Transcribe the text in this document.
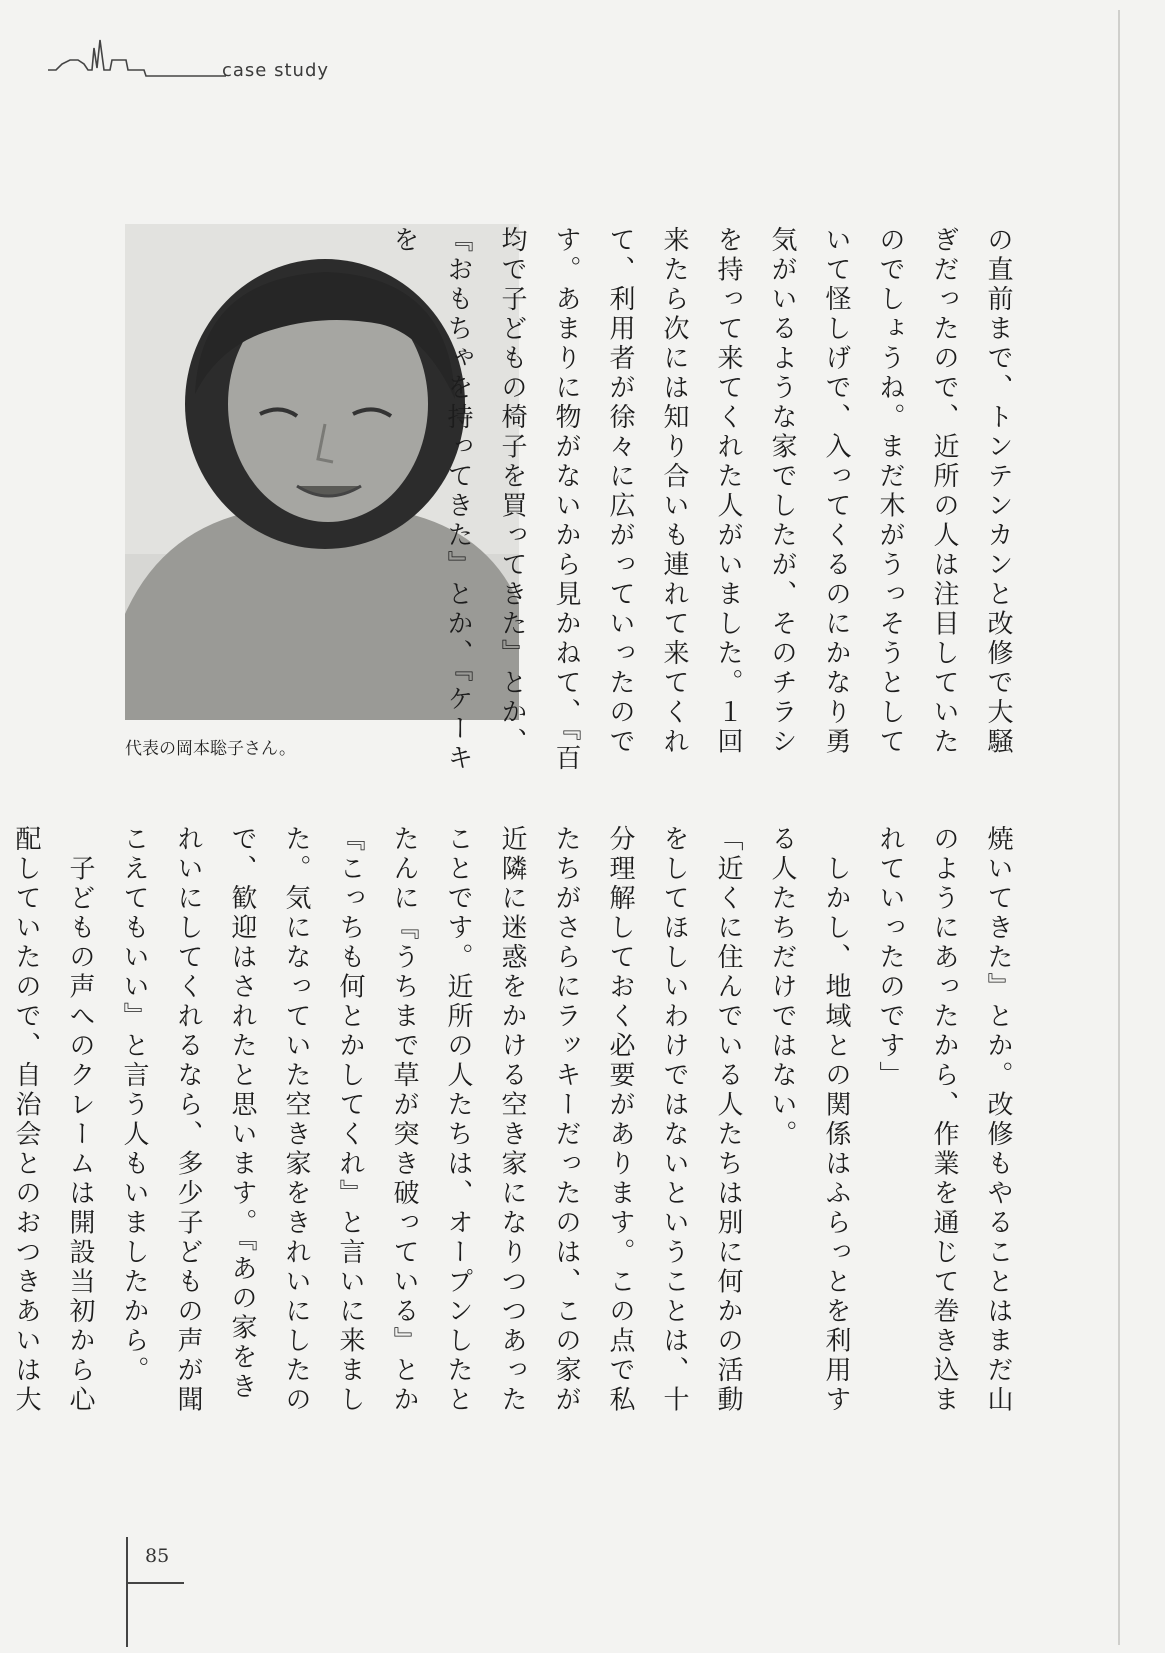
case study
代表の岡本聡子さん。	の直前まで、トンテンカンと改修で大騒ぎだったので、近所の人は注目していたのでしょうね。まだ木がうっそうとしていて怪しげで、入ってくるのにかなり勇気がいるような家でしたが、そのチラシを持って来てくれた人がいました。１回来たら次には知り合いも連れて来てくれて、利用者が徐々に広がっていったのです。あまりに物がないから見かねて、『百均で子どもの椅子を買ってきた』とか、『おもちゃを持ってきた』とか、『ケーキを
焼いてきた』とか。改修もやることはまだ山のようにあったから、作業を通じて巻き込まれていったのです」
　しかし、地域との関係はふらっとを利用する人たちだけではない。
「近くに住んでいる人たちは別に何かの活動をしてほしいわけではないということは、十分理解しておく必要があります。この点で私たちがさらにラッキーだったのは、この家が近隣に迷惑をかける空き家になりつつあったことです。近所の人たちは、オープンしたとたんに『うちまで草が突き破っている』とか『こっちも何とかしてくれ』と言いに来ました。気になっていた空き家をきれいにしたので、歓迎はされたと思います。『あの家をきれいにしてくれるなら、多少子どもの声が聞こえてもいい』と言う人もいましたから。
　子どもの声へのクレームは開設当初から心配していたので、自治会とのおつきあいは大
85
